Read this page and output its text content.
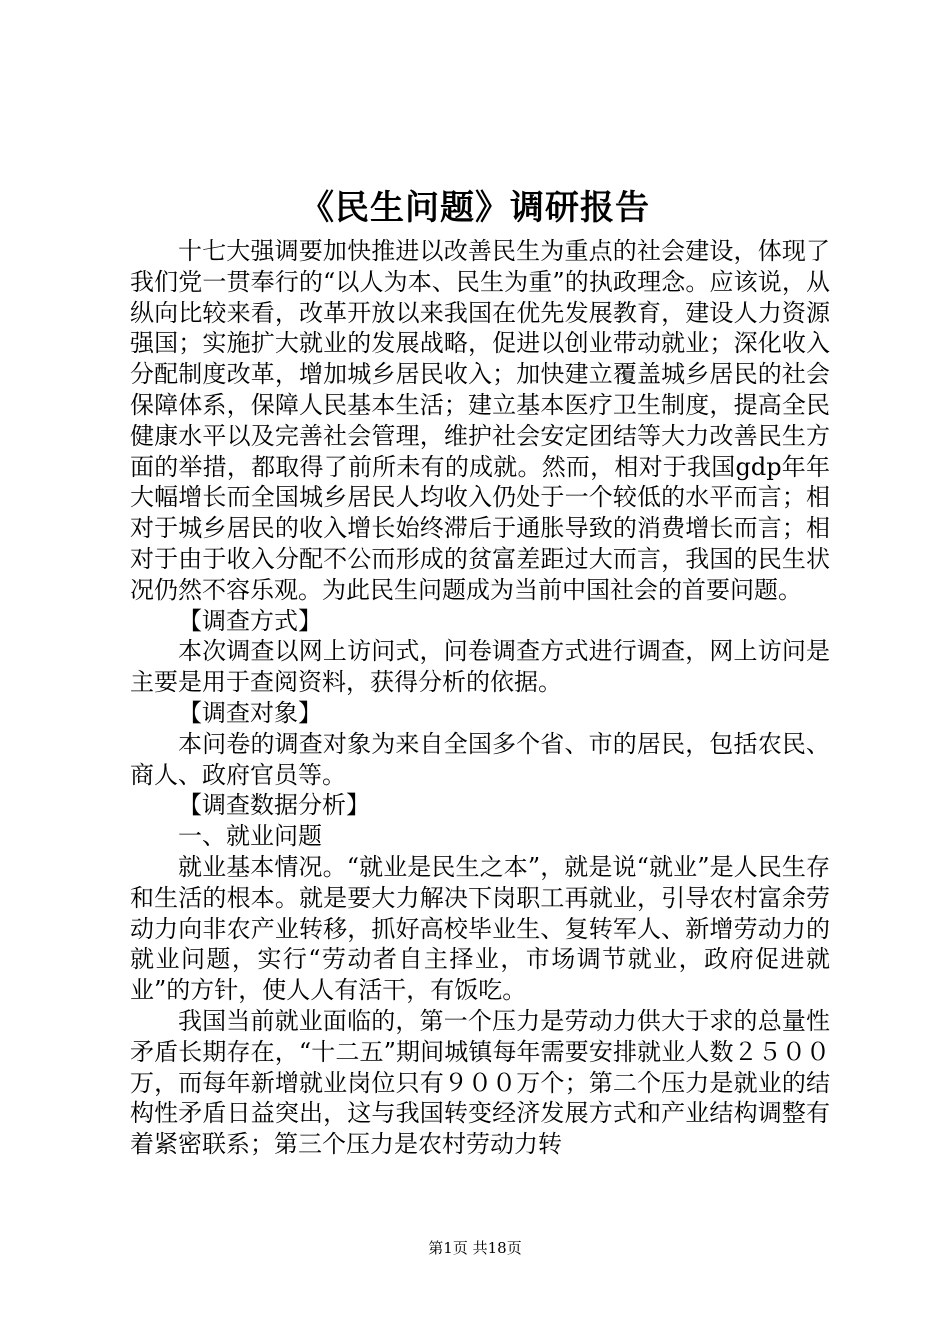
《民生问题》调研报告

十七大强调要加快推进以改善民生为重点的社会建设，体现了我们党一贯奉行的“以人为本、民生为重”的执政理念。应该说，从纵向比较来看，改革开放以来我国在优先发展教育，建设人力资源强国；实施扩大就业的发展战略，促进以创业带动就业；深化收入分配制度改革，增加城乡居民收入；加快建立覆盖城乡居民的社会保障体系，保障人民基本生活；建立基本医疗卫生制度，提高全民健康水平以及完善社会管理，维护社会安定团结等大力改善民生方面的举措，都取得了前所未有的成就。然而，相对于我国gdp年年大幅增长而全国城乡居民人均收入仍处于一个较低的水平而言；相对于城乡居民的收入增长始终滞后于通胀导致的消费增长而言；相对于由于收入分配不公而形成的贫富差距过大而言，我国的民生状况仍然不容乐观。为此民生问题成为当前中国社会的首要问题。

【调查方式】

本次调查以网上访问式，问卷调查方式进行调查，网上访问是主要是用于查阅资料，获得分析的依据。

【调查对象】

本问卷的调查对象为来自全国多个省、市的居民，包括农民、商人、政府官员等。

【调查数据分析】

一、就业问题

就业基本情况。“就业是民生之本”，就是说“就业”是人民生存和生活的根本。就是要大力解决下岗职工再就业，引导农村富余劳动力向非农产业转移，抓好高校毕业生、复转军人、新增劳动力的就业问题，实行“劳动者自主择业，市场调节就业，政府促进就业”的方针，使人人有活干，有饭吃。

我国当前就业面临的，第一个压力是劳动力供大于求的总量性矛盾长期存在，“十二五”期间城镇每年需要安排就业人数２５００万，而每年新增就业岗位只有９００万个；第二个压力是就业的结构性矛盾日益突出，这与我国转变经济发展方式和产业结构调整有着紧密联系；第三个压力是农村劳动力转

第1页 共18页
